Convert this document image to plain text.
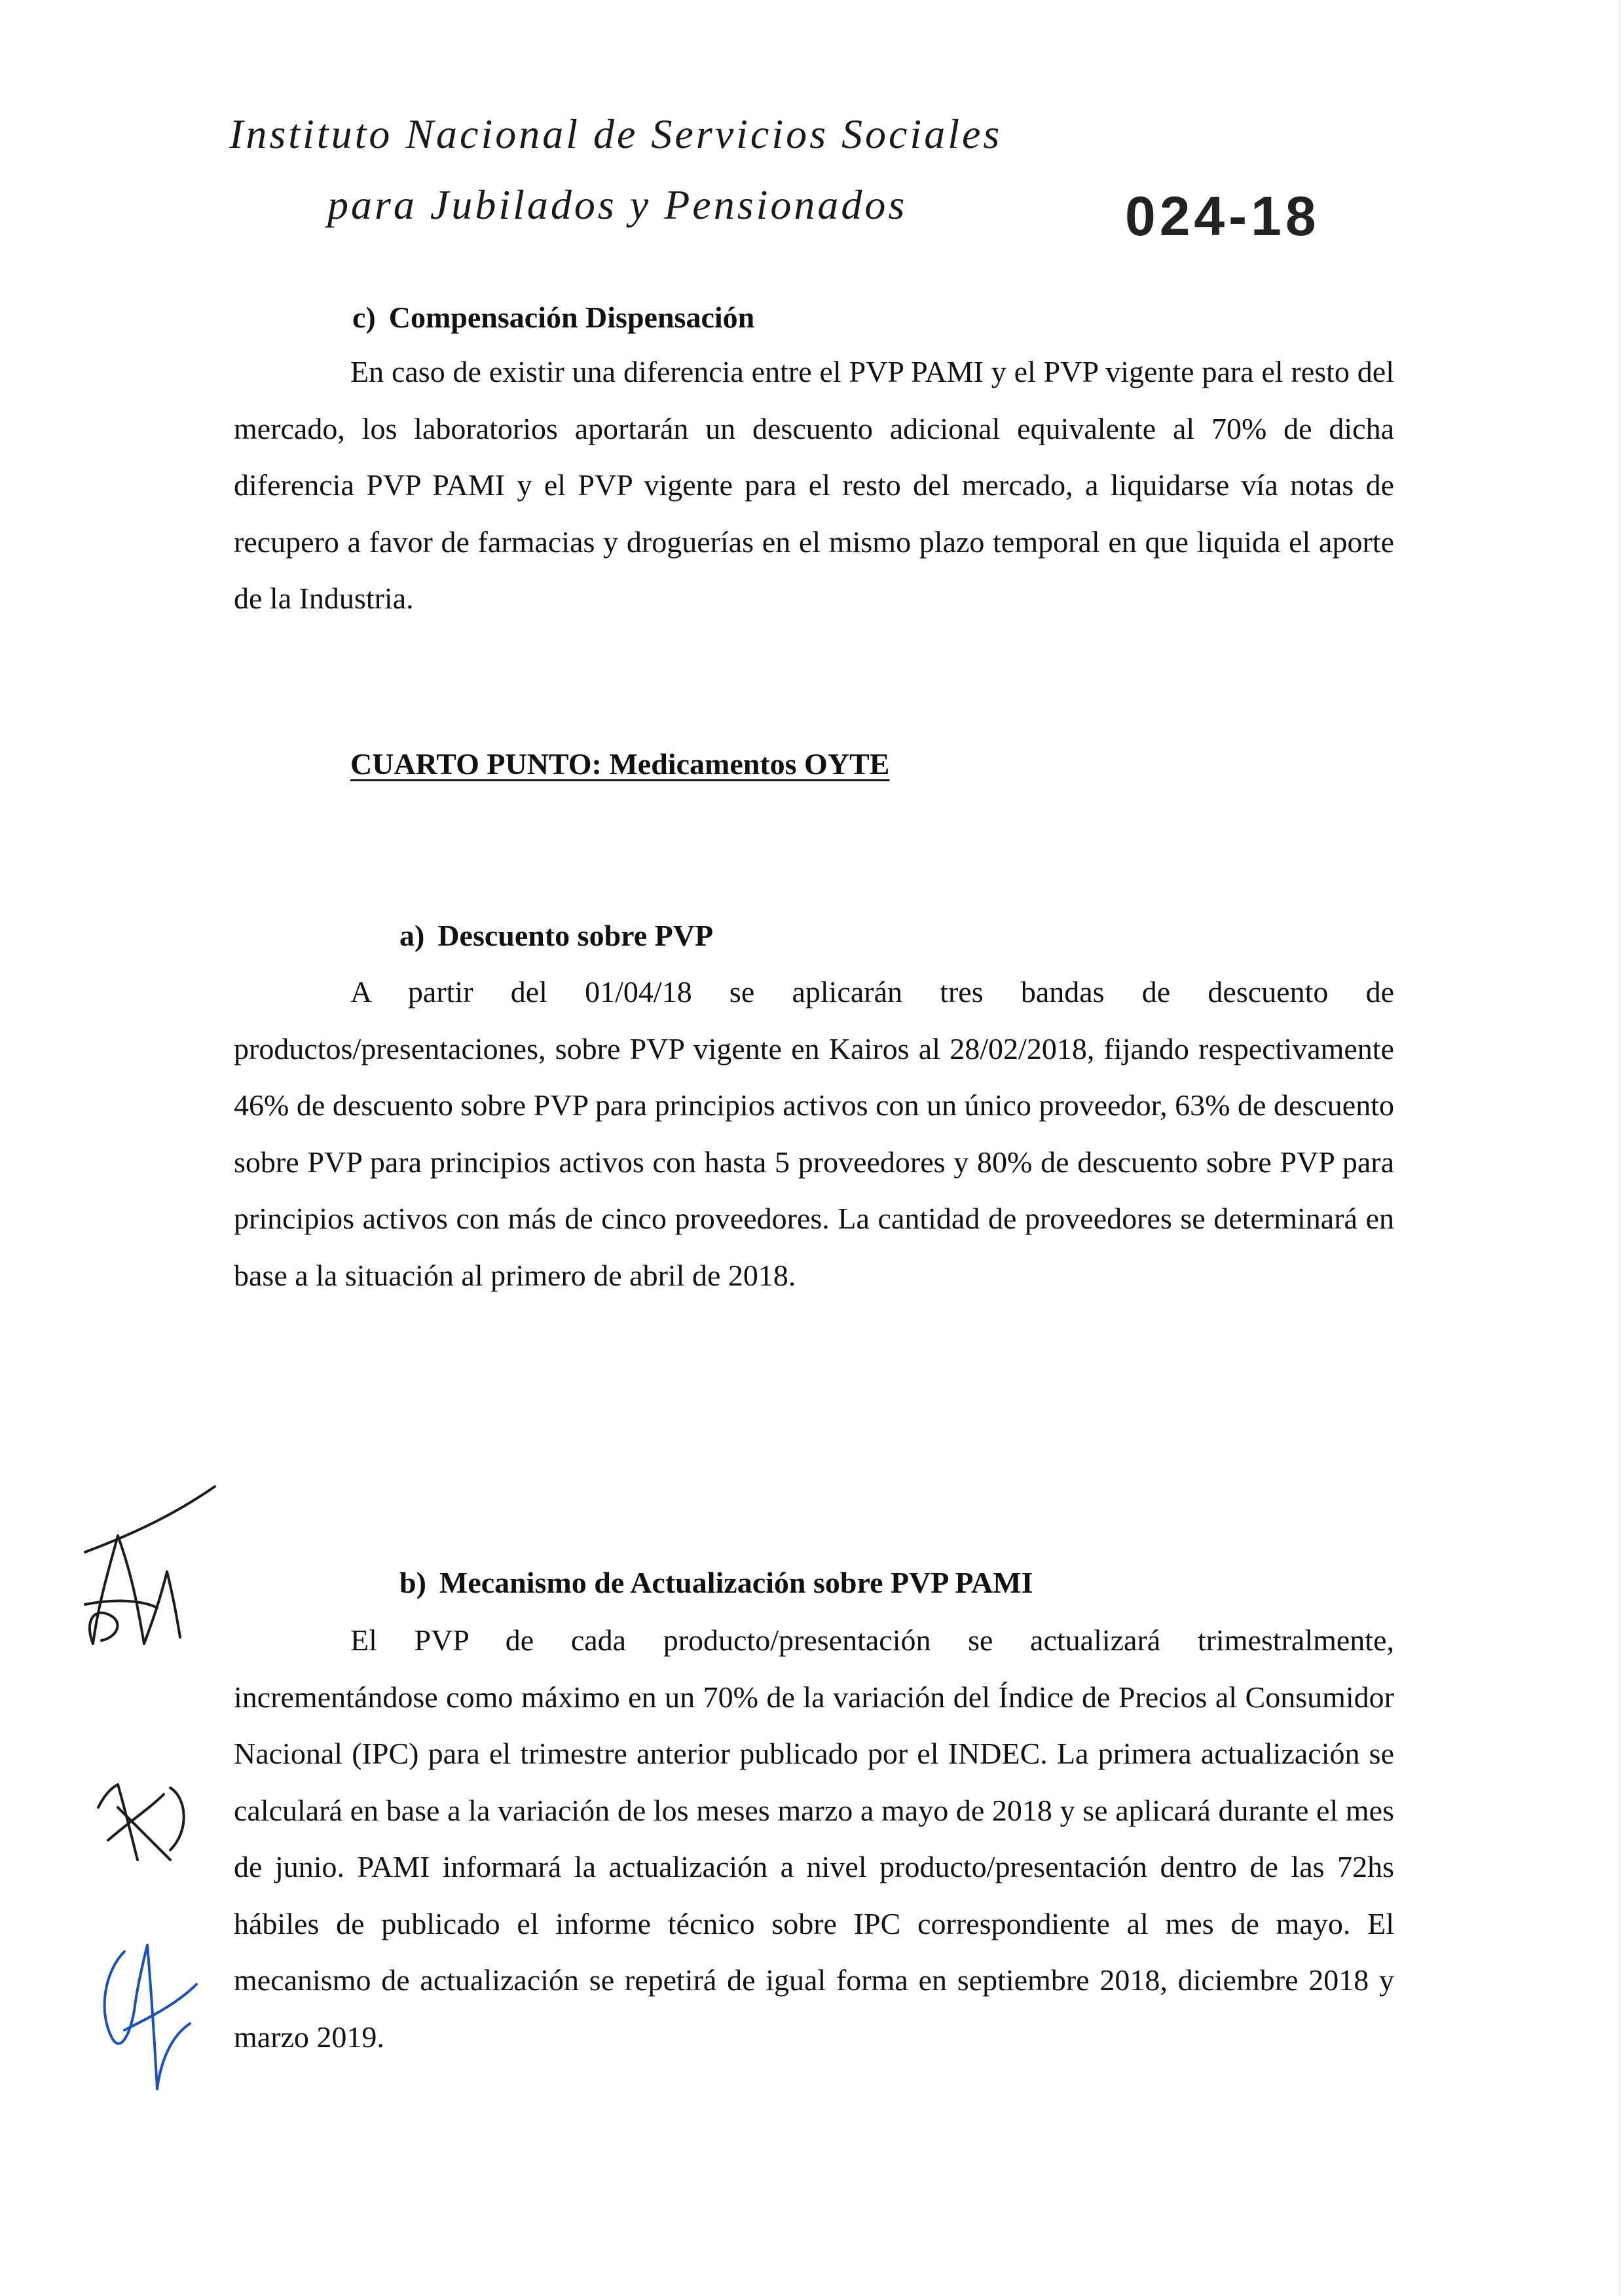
Instituto Nacional de Servicios Sociales
para Jubilados y Pensionados	024-18
c) Compensación Dispensación

En caso de existir una diferencia entre el PVP PAMI y el PVP vigente para el resto del mercado, los laboratorios aportarán un descuento adicional equivalente al 70% de dicha diferencia PVP PAMI y el PVP vigente para el resto del mercado, a liquidarse vía notas de recupero a favor de farmacias y droguerías en el mismo plazo temporal en que liquida el aporte de la Industria.

CUARTO PUNTO: Medicamentos OYTE
a) Descuento sobre PVP

A partir del 01/04/18 se aplicarán tres bandas de descuento de productos/presentaciones, sobre PVP vigente en Kairos al 28/02/2018, fijando respectivamente 46% de descuento sobre PVP para principios activos con un único proveedor, 63% de descuento sobre PVP para principios activos con hasta 5 proveedores y 80% de descuento sobre PVP para principios activos con más de cinco proveedores. La cantidad de proveedores se determinará en base a la situación al primero de abril de 2018.

b) Mecanismo de Actualización sobre PVP PAMI

El PVP de cada producto/presentación se actualizará trimestralmente, incrementándose como máximo en un 70% de la variación del Índice de Precios al Consumidor Nacional (IPC) para el trimestre anterior publicado por el INDEC. La primera actualización se calculará en base a la variación de los meses marzo a mayo de 2018 y se aplicará durante el mes de junio. PAMI informará la actualización a nivel producto/presentación dentro de las 72hs hábiles de publicado el informe técnico sobre IPC correspondiente al mes de mayo. El mecanismo de actualización se repetirá de igual forma en septiembre 2018, diciembre 2018 y marzo 2019.
